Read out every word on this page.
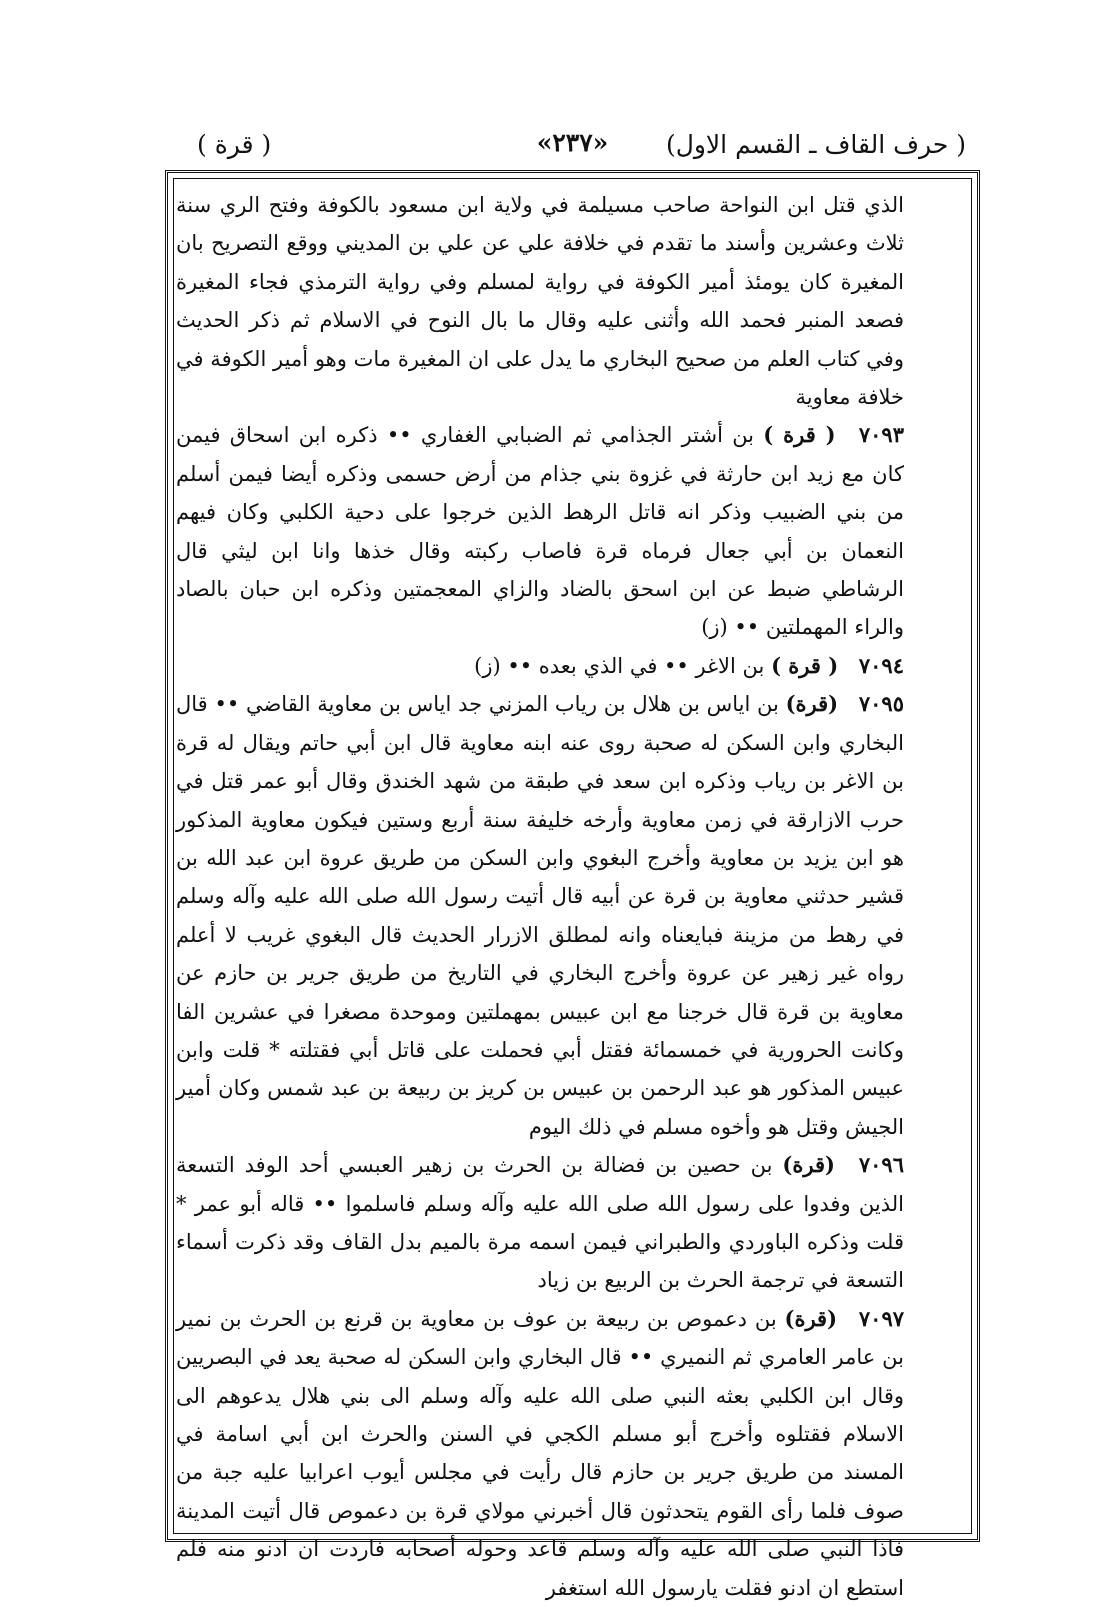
( حرف القاف ـ القسم الاول)
«٢٣٧»
( قرة )

الذي قتل ابن النواحة صاحب مسيلمة في ولاية ابن مسعود بالكوفة وفتح الري سنة ثلاث وعشرين وأسند ما تقدم في خلافة علي عن علي بن المديني ووقع التصريح بان المغيرة كان يومئذ أمير الكوفة في رواية لمسلم وفي رواية الترمذي فجاء المغيرة فصعد المنبر فحمد الله وأثنى عليه وقال ما بال النوح في الاسلام ثم ذكر الحديث وفي كتاب العلم من صحيح البخاري ما يدل على ان المغيرة مات وهو أمير الكوفة في خلافة معاوية

٧٠٩٣ ( قرة ) بن أشتر الجذامي ثم الضبابي الغفاري •• ذكره ابن اسحاق فيمن كان مع زيد ابن حارثة في غزوة بني جذام من أرض حسمى وذكره أيضا فيمن أسلم من بني الضبيب وذكر انه قاتل الرهط الذين خرجوا على دحية الكلبي وكان فيهم النعمان بن أبي جعال فرماه قرة فاصاب ركبته وقال خذها وانا ابن ليثي قال الرشاطي ضبط عن ابن اسحق بالضاد والزاي المعجمتين وذكره ابن حبان بالصاد والراء المهملتين •• (ز)

٧٠٩٤ ( قرة ) بن الاغر •• في الذي بعده •• (ز)

٧٠٩٥ (قرة) بن اياس بن هلال بن رياب المزني جد اياس بن معاوية القاضي •• قال البخاري وابن السكن له صحبة روى عنه ابنه معاوية قال ابن أبي حاتم ويقال له قرة بن الاغر بن رياب وذكره ابن سعد في طبقة من شهد الخندق وقال أبو عمر قتل في حرب الازارقة في زمن معاوية وأرخه خليفة سنة أربع وستين فيكون معاوية المذكور هو ابن يزيد بن معاوية وأخرج البغوي وابن السكن من طريق عروة ابن عبد الله بن قشير حدثني معاوية بن قرة عن أبيه قال أتيت رسول الله صلى الله عليه وآله وسلم في رهط من مزينة فبايعناه وانه لمطلق الازرار الحديث قال البغوي غريب لا أعلم رواه غير زهير عن عروة وأخرج البخاري في التاريخ من طريق جرير بن حازم عن معاوية بن قرة قال خرجنا مع ابن عبيس بمهملتين وموحدة مصغرا في عشرين الفا وكانت الحرورية في خمسمائة فقتل أبي فحملت على قاتل أبي فقتلته * قلت وابن عبيس المذكور هو عبد الرحمن بن عبيس بن كريز بن ربيعة بن عبد شمس وكان أمير الجيش وقتل هو وأخوه مسلم في ذلك اليوم

٧٠٩٦ (قرة) بن حصين بن فضالة بن الحرث بن زهير العبسي أحد الوفد التسعة الذين وفدوا على رسول الله صلى الله عليه وآله وسلم فاسلموا •• قاله أبو عمر * قلت وذكره الباوردي والطبراني فيمن اسمه مرة بالميم بدل القاف وقد ذكرت أسماء التسعة في ترجمة الحرث بن الربيع بن زياد

٧٠٩٧ (قرة) بن دعموص بن ربيعة بن عوف بن معاوية بن قرنع بن الحرث بن نمير بن عامر العامري ثم النميري •• قال البخاري وابن السكن له صحبة يعد في البصريين وقال ابن الكلبي بعثه النبي صلى الله عليه وآله وسلم الى بني هلال يدعوهم الى الاسلام فقتلوه وأخرج أبو مسلم الكجي في السنن والحرث ابن أبي اسامة في المسند من طريق جرير بن حازم قال رأيت في مجلس أيوب اعرابيا عليه جبة من صوف فلما رأى القوم يتحدثون قال أخبرني مولاي قرة بن دعموص قال أتيت المدينة فاذا النبي صلى الله عليه وآله وسلم قاعد وحوله أصحابه فاردت ان ادنو منه فلم استطع ان ادنو فقلت يارسول الله استغفر
